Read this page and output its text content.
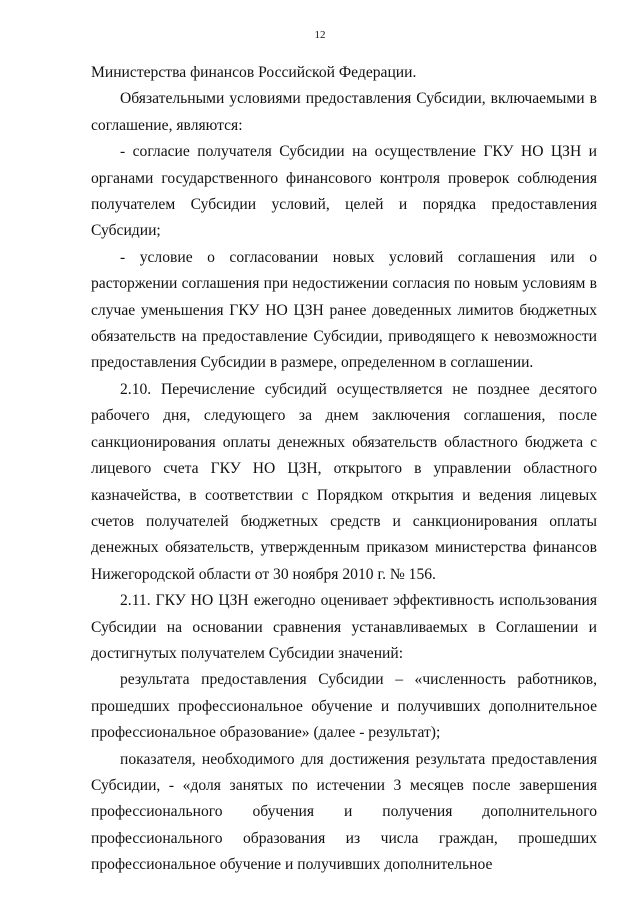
12

Министерства финансов Российской Федерации.

Обязательными условиями предоставления Субсидии, включаемыми в соглашение, являются:

- согласие получателя Субсидии на осуществление ГКУ НО ЦЗН и органами государственного финансового контроля проверок соблюдения получателем Субсидии условий, целей и порядка предоставления Субсидии;

- условие о согласовании новых условий соглашения или о расторжении соглашения при недостижении согласия по новым условиям в случае уменьшения ГКУ НО ЦЗН ранее доведенных лимитов бюджетных обязательств на предоставление Субсидии, приводящего к невозможности предоставления Субсидии в размере, определенном в соглашении.

2.10. Перечисление субсидий осуществляется не позднее десятого рабочего дня, следующего за днем заключения соглашения, после санкционирования оплаты денежных обязательств областного бюджета с лицевого счета ГКУ НО ЦЗН, открытого в управлении областного казначейства, в соответствии с Порядком открытия и ведения лицевых счетов получателей бюджетных средств и санкционирования оплаты денежных обязательств, утвержденным приказом министерства финансов Нижегородской области от 30 ноября 2010 г. № 156.

2.11. ГКУ НО ЦЗН ежегодно оценивает эффективность использования Субсидии на основании сравнения устанавливаемых в Соглашении и достигнутых получателем Субсидии значений:

результата предоставления Субсидии – «численность работников, прошедших профессиональное обучение и получивших дополнительное профессиональное образование» (далее - результат);

показателя, необходимого для достижения результата предоставления Субсидии, - «доля занятых по истечении 3 месяцев после завершения профессионального обучения и получения дополнительного профессионального образования из числа граждан, прошедших профессиональное обучение и получивших дополнительное
